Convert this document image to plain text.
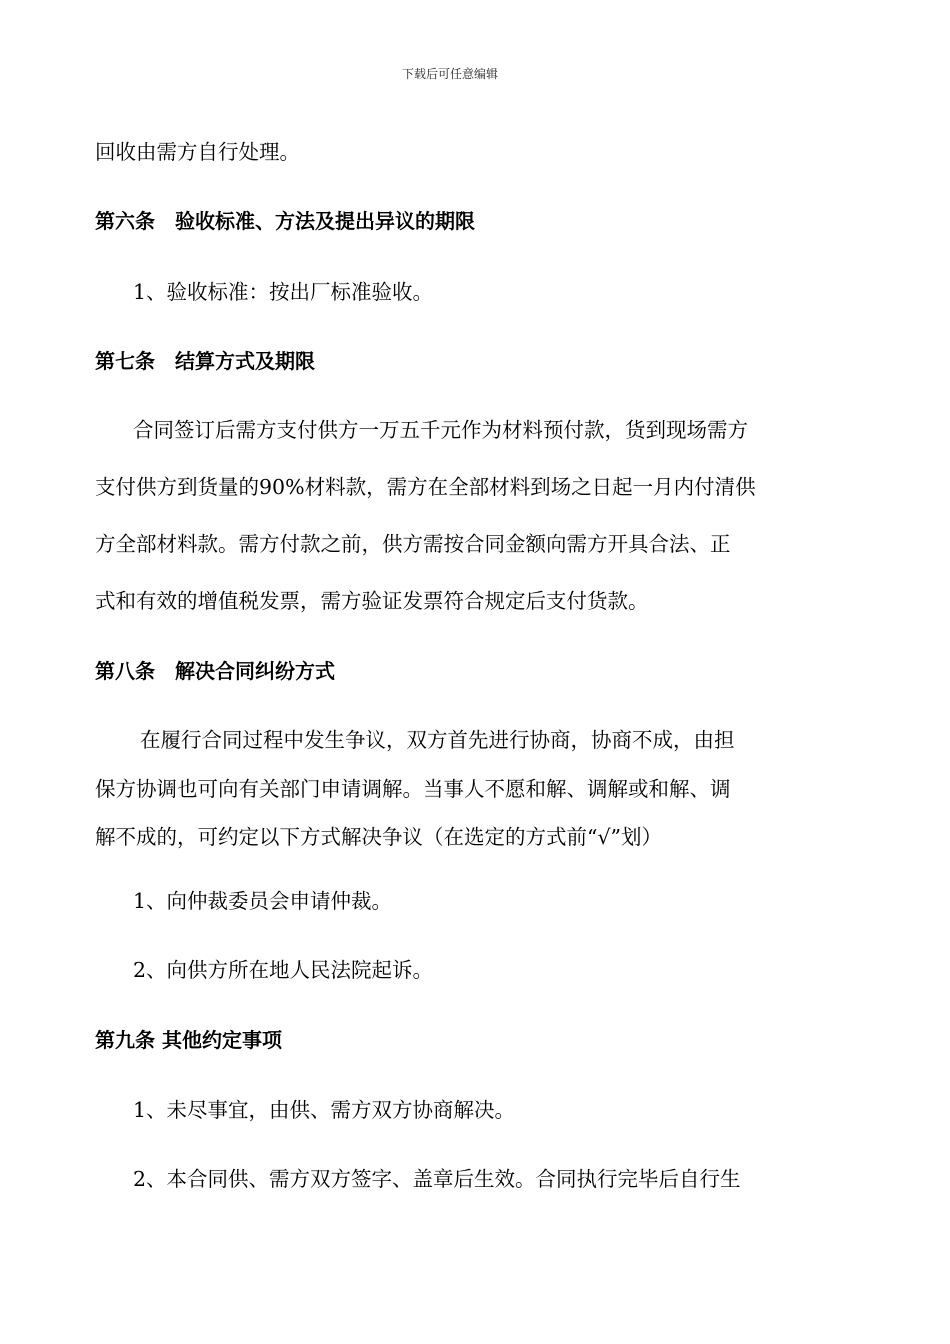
下载后可任意编辑
回收由需方自行处理。
第六条　验收标准、方法及提出异议的期限
1、验收标准：按出厂标准验收。
第七条　结算方式及期限
合同签订后需方支付供方一万五千元作为材料预付款，货到现场需方
支付供方到货量的90%材料款，需方在全部材料到场之日起一月内付清供
方全部材料款。需方付款之前，供方需按合同金额向需方开具合法、正
式和有效的增值税发票，需方验证发票符合规定后支付货款。
第八条　解决合同纠纷方式
在履行合同过程中发生争议，双方首先进行协商，协商不成，由担
保方协调也可向有关部门申请调解。当事人不愿和解、调解或和解、调
解不成的，可约定以下方式解决争议（在选定的方式前“√”划）
1、向仲裁委员会申请仲裁。
2、向供方所在地人民法院起诉。
第九条 其他约定事项
1、未尽事宜，由供、需方双方协商解决。
2、本合同供、需方双方签字、盖章后生效。合同执行完毕后自行生
